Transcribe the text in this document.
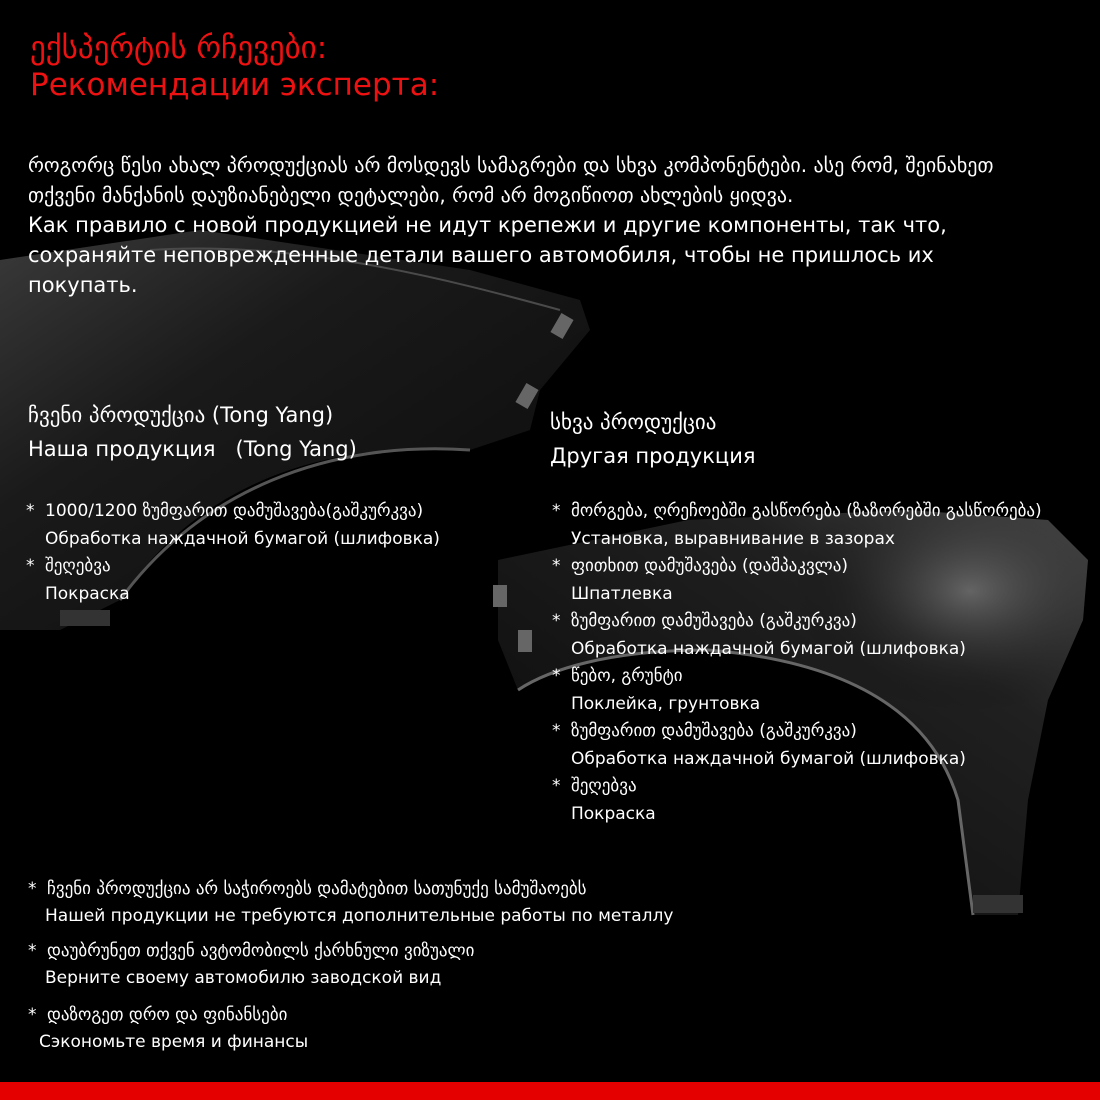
ექსპერტის რჩევები:
Рекомендации эксперта:
როგორც წესი ახალ პროდუქციას არ მოსდევს სამაგრები და სხვა კომპონენტები. ასე რომ, შეინახეთ თქვენი მანქანის დაუზიანებელი დეტალები, რომ არ მოგიწიოთ ახლების ყიდვა.
Как правило с новой продукцией не идут крепежи и другие компоненты, так что, сохраняйте неповрежденные детали вашего автомобиля, чтобы не пришлось их покупать.
ჩვენი პროდუქცია (Tong Yang)
Наша продукция   (Tong Yang)
სხვა პროდუქცია
Другая продукция
* 1000/1200 ზუმფარით დამუშავება(გაშკურკვა)
Обработка наждачной бумагой (шлифовка)
* შეღებვა
Покраска
* მორგება, ღრეჩოებში გასწორება (ზაზორებში გასწორება)
Установка, выравнивание в зазорах
* ფითხით დამუშავება (დაშპაკვლა)
Шпатлевка
* ზუმფარით დამუშავება (გაშკურკვა)
Обработка наждачной бумагой (шлифовка)
* წებო, გრუნტი
Поклейка, грунтовка
* ზუმფარით დამუშავება (გაშკურკვა)
Обработка наждачной бумагой (шлифовка)
* შეღებვა
Покраска
* ჩვენი პროდუქცია არ საჭიროებს დამატებით სათუნუქე სამუშაოებს
Нашей продукции не требуются дополнительные работы по металлу
* დაუბრუნეთ თქვენ ავტომობილს ქარხნული ვიზუალი
Верните своему автомобилю заводской вид
* დაზოგეთ დრო და ფინანსები
Сэкономьте время и финансы
